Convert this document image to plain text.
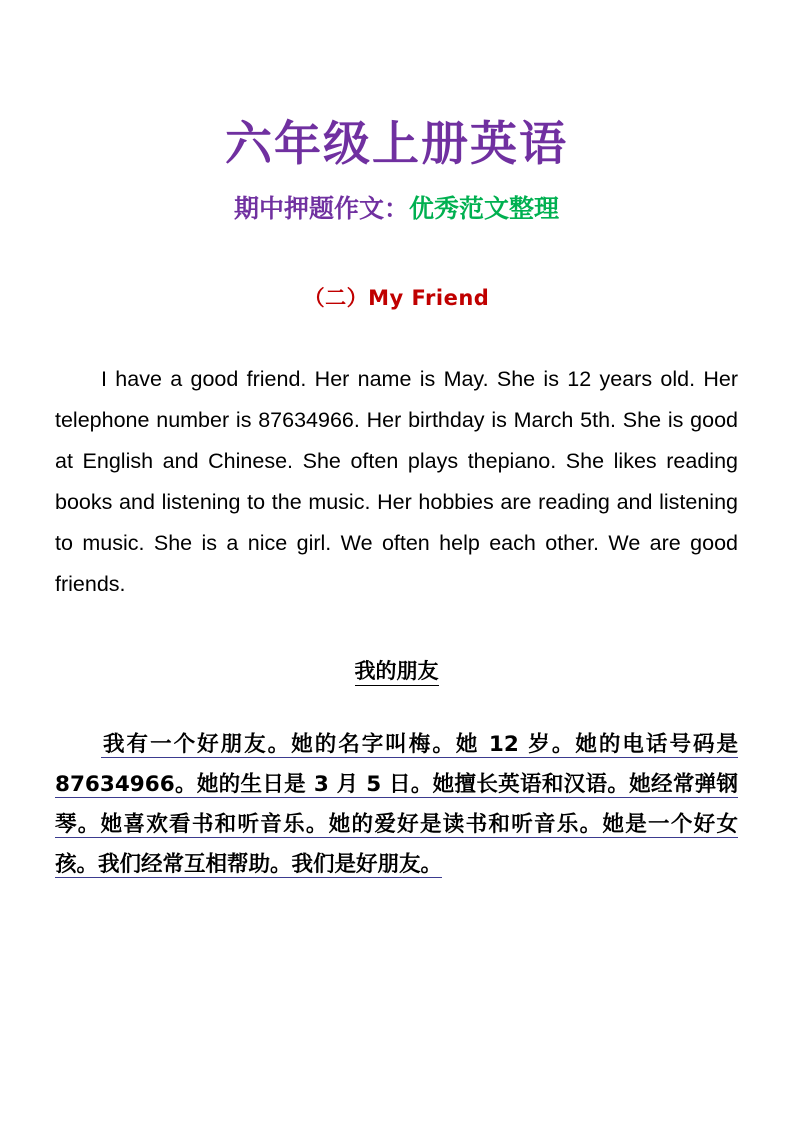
六年级上册英语
期中押题作文：优秀范文整理
（二）My Friend

I have a good friend. Her name is May. She is 12 years old. Her telephone number is 87634966. Her birthday is March 5th. She is good at English and Chinese. She often plays thepiano. She likes reading books and listening to the music. Her hobbies are reading and listening to music. She is a nice girl. We often help each other. We are good friends.

我的朋友

我有一个好朋友。她的名字叫梅。她 12 岁。她的电话号码是 87634966。她的生日是 3 月 5 日。她擅长英语和汉语。她经常弹钢琴。她喜欢看书和听音乐。她的爱好是读书和听音乐。她是一个好女孩。我们经常互相帮助。我们是好朋友。
